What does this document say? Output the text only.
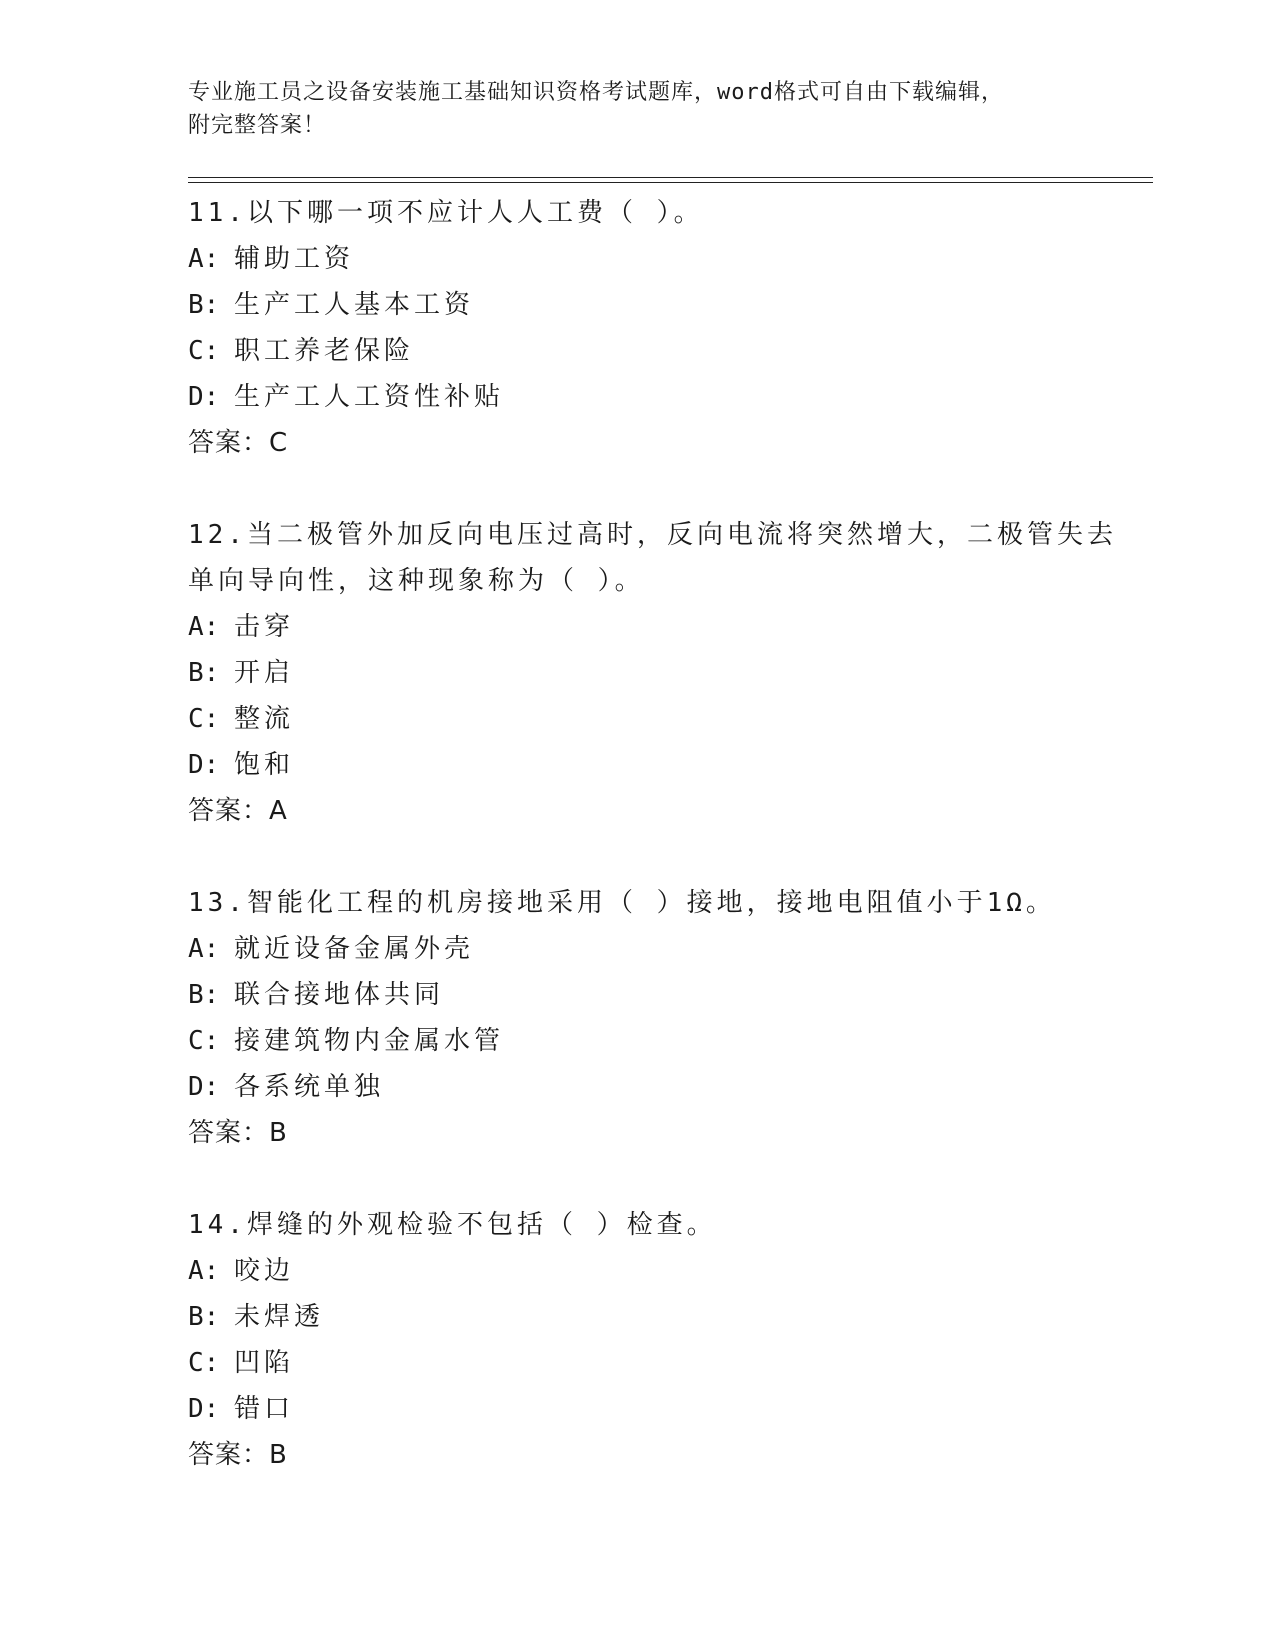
专业施工员之设备安装施工基础知识资格考试题库，word格式可自由下载编辑，
附完整答案！
11.以下哪一项不应计人人工费（ ）。
A: 辅助工资
B: 生产工人基本工资
C: 职工养老保险
D: 生产工人工资性补贴
答案：C
12.当二极管外加反向电压过高时，反向电流将突然增大，二极管失去
单向导向性，这种现象称为（ ）。
A: 击穿
B: 开启
C: 整流
D: 饱和
答案：A
13.智能化工程的机房接地采用（ ）接地，接地电阻值小于1Ω。
A: 就近设备金属外壳
B: 联合接地体共同
C: 接建筑物内金属水管
D: 各系统单独
答案：B
14.焊缝的外观检验不包括（ ）检查。
A: 咬边
B: 未焊透
C: 凹陷
D: 错口
答案：B
